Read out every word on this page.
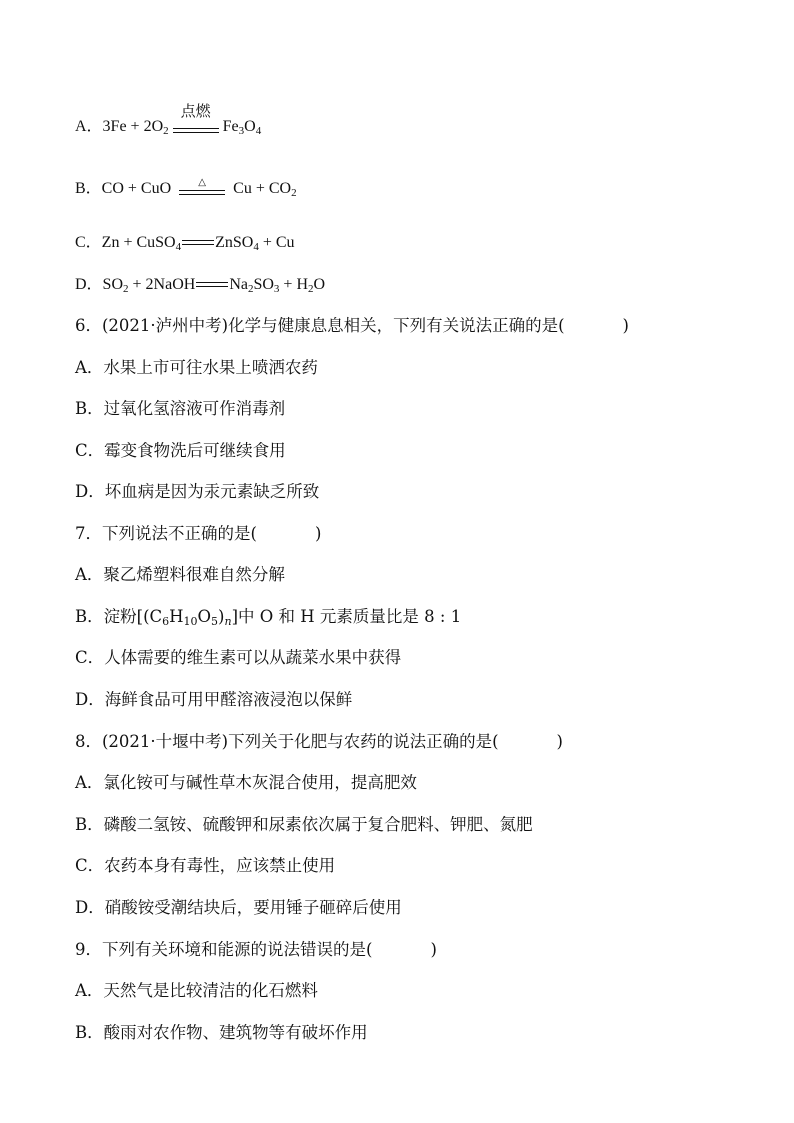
A．$3Fe + 2O_2$
点燃
$Fe_3O_4$
B．CO + CuO	△	$Cu + CO_2$
C．Zn + CuSO$_4$ ZnSO$_4$ + Cu
D．$SO_2$ + 2NaOH $Na_2SO_3 + H_2O$
6．(2021·泸州中考)化学与健康息息相关，下列有关说法正确的是(	)
A．水果上市可往水果上喷洒农药
B．过氧化氢溶液可作消毒剂
C．霉变食物洗后可继续食用
D．坏血病是因为汞元素缺乏所致
7．下列说法不正确的是(	)
A．聚乙烯塑料很难自然分解
B．淀粉$[(C_6H_{10}O_5)_n]$中 O 和 H 元素质量比是 8 : 1
C．人体需要的维生素可以从蔬菜水果中获得
D．海鲜食品可用甲醛溶液浸泡以保鲜
8．(2021·十堰中考)下列关于化肥与农药的说法正确的是(	)
A．氯化铵可与碱性草木灰混合使用，提高肥效
B．磷酸二氢铵、硫酸钾和尿素依次属于复合肥料、钾肥、氮肥
C．农药本身有毒性，应该禁止使用
D．硝酸铵受潮结块后，要用锤子砸碎后使用
9．下列有关环境和能源的说法错误的是(	)
A．天然气是比较清洁的化石燃料
B．酸雨对农作物、建筑物等有破坏作用
